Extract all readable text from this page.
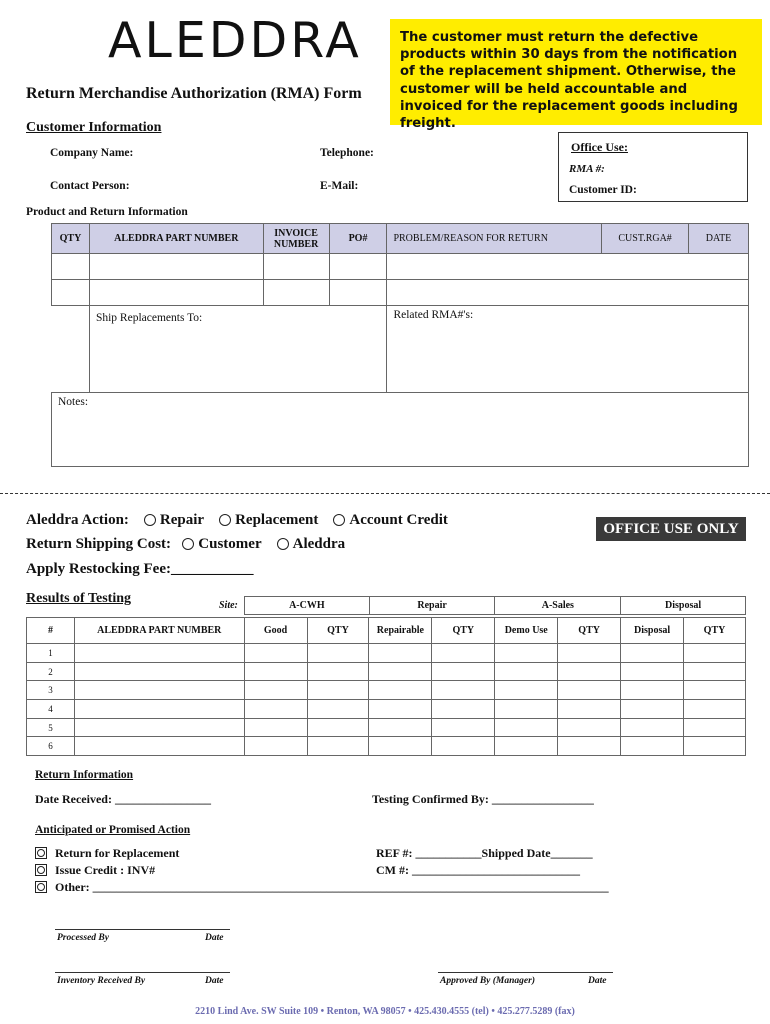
ALEDDRA
Return Merchandise Authorization (RMA) Form
The customer must return the defective products within 30 days from the notification of the replacement shipment. Otherwise, the customer will be held accountable and invoiced for the replacement goods including freight.
Customer Information
Company Name:	Telephone:
Contact Person:	E-Mail:
Office Use:
RMA #:
Customer ID:
Product and Return Information
QTY	ALEDDRA PART NUMBER	INVOICE NUMBER	PO#	PROBLEM/REASON FOR RETURN	CUST.RGA#	DATE

	Ship Replacements To:			Related RMA#'s:		
Notes:						
Aleddra Action: Repair Replacement Account Credit
Return Shipping Cost: Customer Aleddra
Apply Restocking Fee:___________
OFFICE USE ONLY
Results of Testing	Site:	A-CWH	Repair	A-Sales	Disposal
#	ALEDDRA PART NUMBER	Good	QTY	Repairable	QTY	Demo Use	QTY	Disposal	QTY
1									
2									
3									
4									
5									
6									
Return Information
Date Received: ________________	Testing Confirmed By: _________________
Anticipated or Promised Action
Return for Replacement
Issue Credit : INV#
Other: ______________________________________________________________________________________
REF #: ___________Shipped Date_______
CM #: ____________________________
Processed By	Date
Inventory Received By	Date	Approved By (Manager)	Date
2210 Lind Ave. SW Suite 109 • Renton, WA 98057 • 425.430.4555 (tel) • 425.277.5289 (fax)
